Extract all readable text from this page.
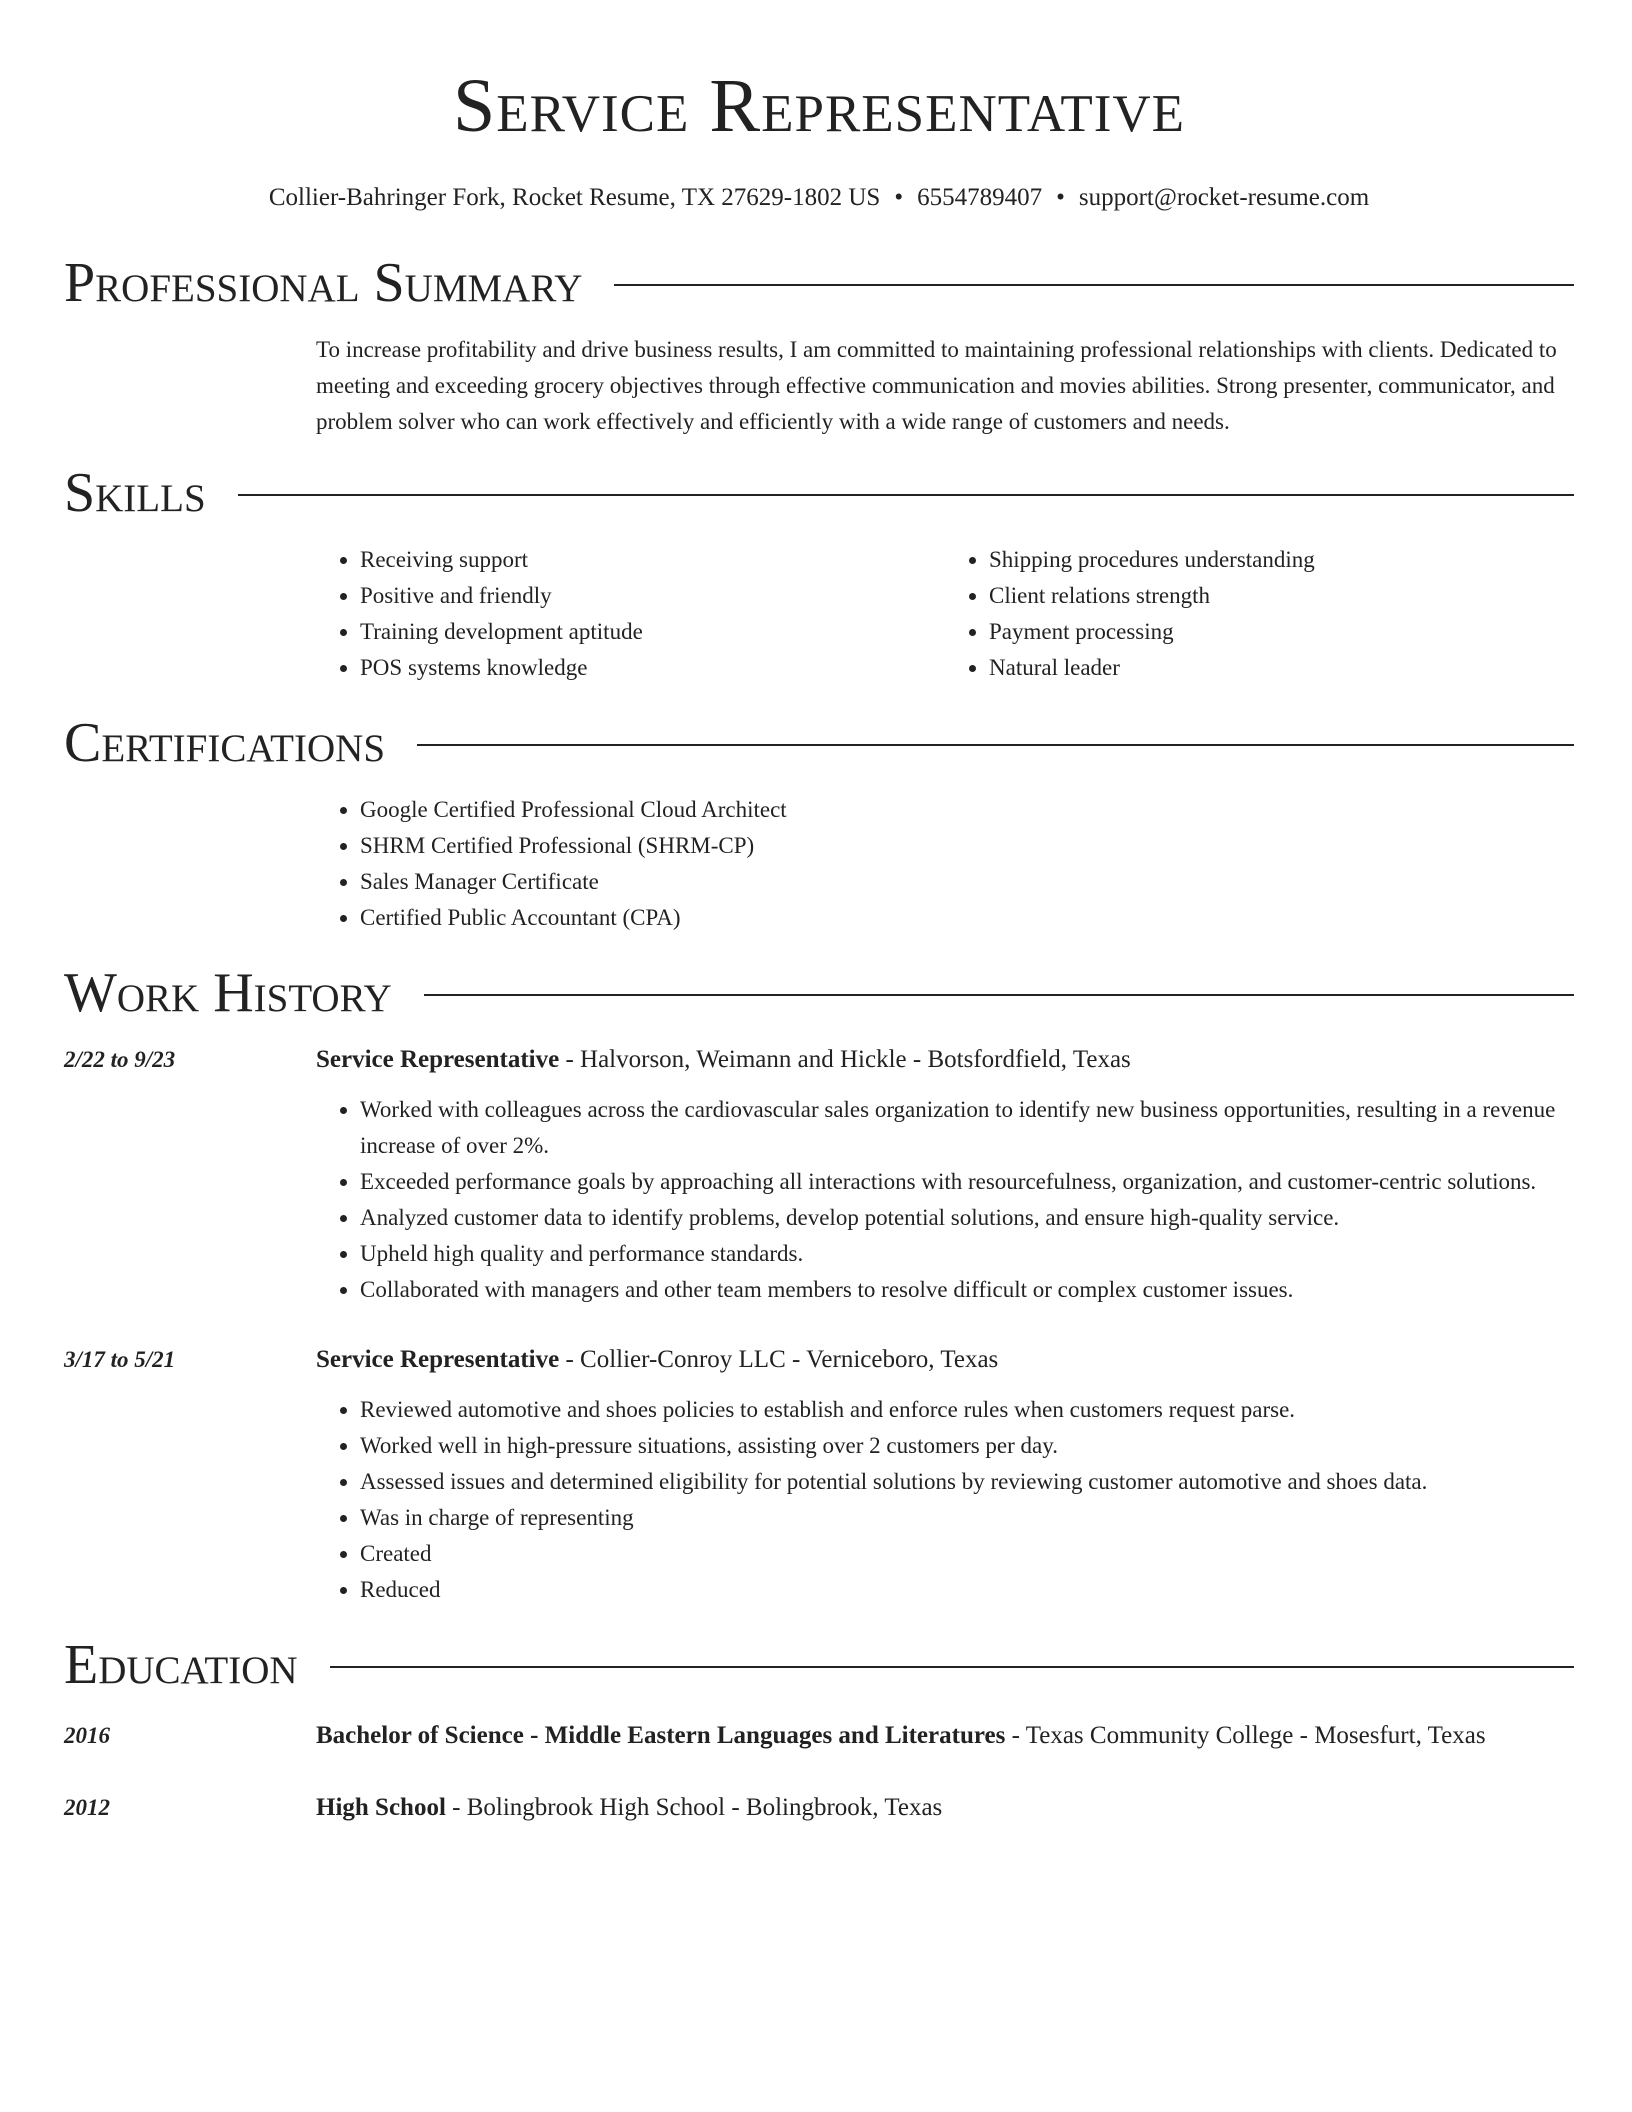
Service Representative
Collier-Bahringer Fork, Rocket Resume, TX 27629-1802 US • 6554789407 • support@rocket-resume.com
Professional Summary
To increase profitability and drive business results, I am committed to maintaining professional relationships with clients. Dedicated to meeting and exceeding grocery objectives through effective communication and movies abilities. Strong presenter, communicator, and problem solver who can work effectively and efficiently with a wide range of customers and needs.
Skills
• Receiving support
• Positive and friendly
• Training development aptitude
• POS systems knowledge
• Shipping procedures understanding
• Client relations strength
• Payment processing
• Natural leader
Certifications
• Google Certified Professional Cloud Architect
• SHRM Certified Professional (SHRM-CP)
• Sales Manager Certificate
• Certified Public Accountant (CPA)
Work History
2/22 to 9/23	Service Representative - Halvorson, Weimann and Hickle - Botsfordfield, Texas
• Worked with colleagues across the cardiovascular sales organization to identify new business opportunities, resulting in a revenue increase of over 2%.
• Exceeded performance goals by approaching all interactions with resourcefulness, organization, and customer-centric solutions.
• Analyzed customer data to identify problems, develop potential solutions, and ensure high-quality service.
• Upheld high quality and performance standards.
• Collaborated with managers and other team members to resolve difficult or complex customer issues.
3/17 to 5/21	Service Representative - Collier-Conroy LLC - Verniceboro, Texas
• Reviewed automotive and shoes policies to establish and enforce rules when customers request parse.
• Worked well in high-pressure situations, assisting over 2 customers per day.
• Assessed issues and determined eligibility for potential solutions by reviewing customer automotive and shoes data.
• Was in charge of representing
• Created
• Reduced
Education
2016	Bachelor of Science - Middle Eastern Languages and Literatures - Texas Community College - Mosesfurt, Texas
2012	High School - Bolingbrook High School - Bolingbrook, Texas
